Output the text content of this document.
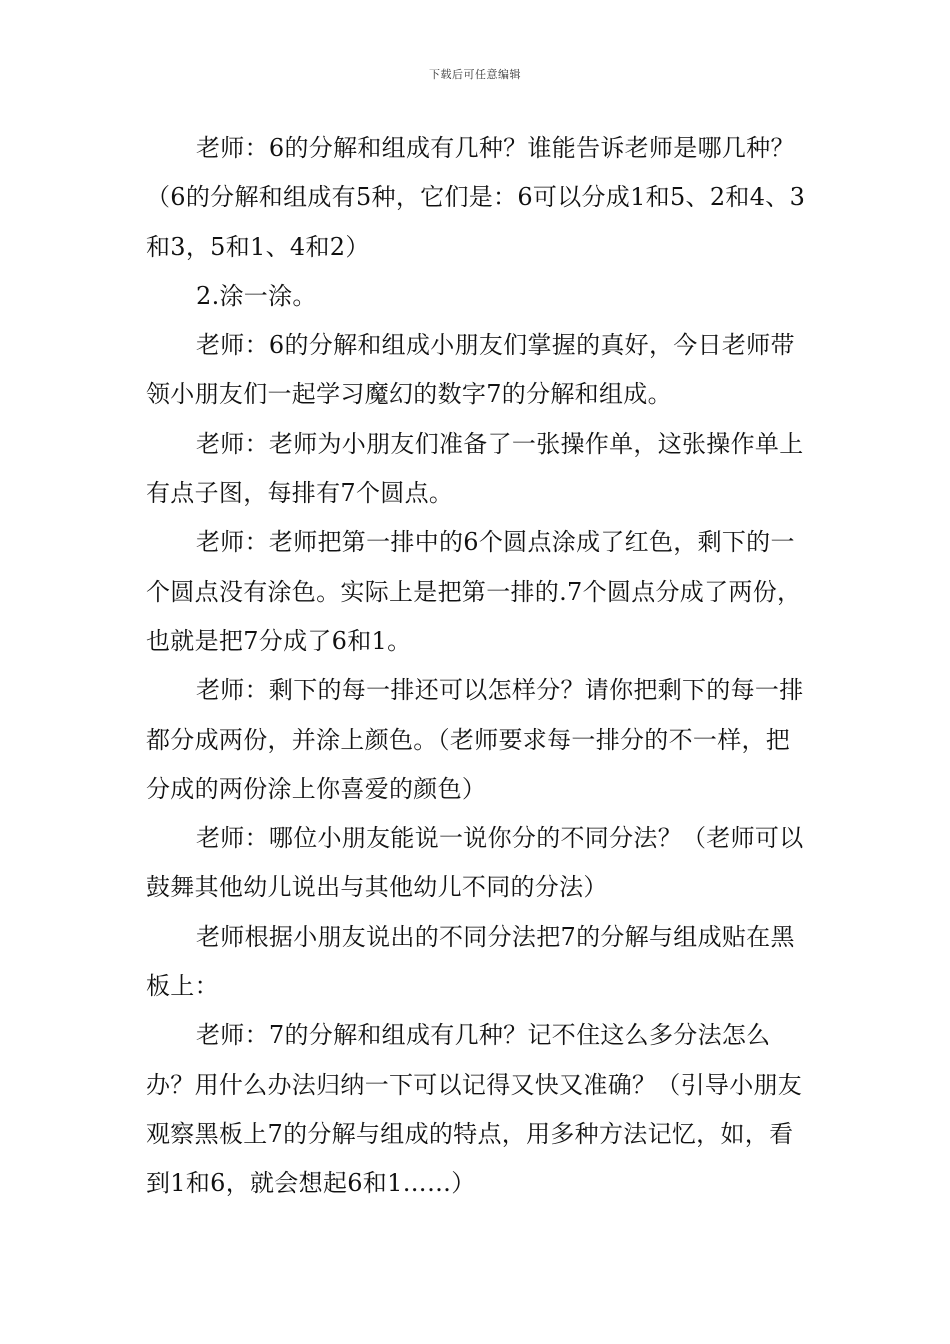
下载后可任意编辑

老师：6的分解和组成有几种？谁能告诉老师是哪几种？

（6的分解和组成有5种，它们是：6可以分成1和5、2和4、3和3，5和1、4和2）

2.涂一涂。

老师：6的分解和组成小朋友们掌握的真好，今日老师带领小朋友们一起学习魔幻的数字7的分解和组成。

老师：老师为小朋友们准备了一张操作单，这张操作单上有点子图，每排有7个圆点。

老师：老师把第一排中的6个圆点涂成了红色，剩下的一个圆点没有涂色。实际上是把第一排的.7个圆点分成了两份，也就是把7分成了6和1。

老师：剩下的每一排还可以怎样分？请你把剩下的每一排都分成两份，并涂上颜色。（老师要求每一排分的不一样，把分成的两份涂上你喜爱的颜色）

老师：哪位小朋友能说一说你分的不同分法？（老师可以鼓舞其他幼儿说出与其他幼儿不同的分法）

老师根据小朋友说出的不同分法把7的分解与组成贴在黑板上：

老师：7的分解和组成有几种？记不住这么多分法怎么办？用什么办法归纳一下可以记得又快又准确？（引导小朋友观察黑板上7的分解与组成的特点，用多种方法记忆，如，看到1和6，就会想起6和1……）
